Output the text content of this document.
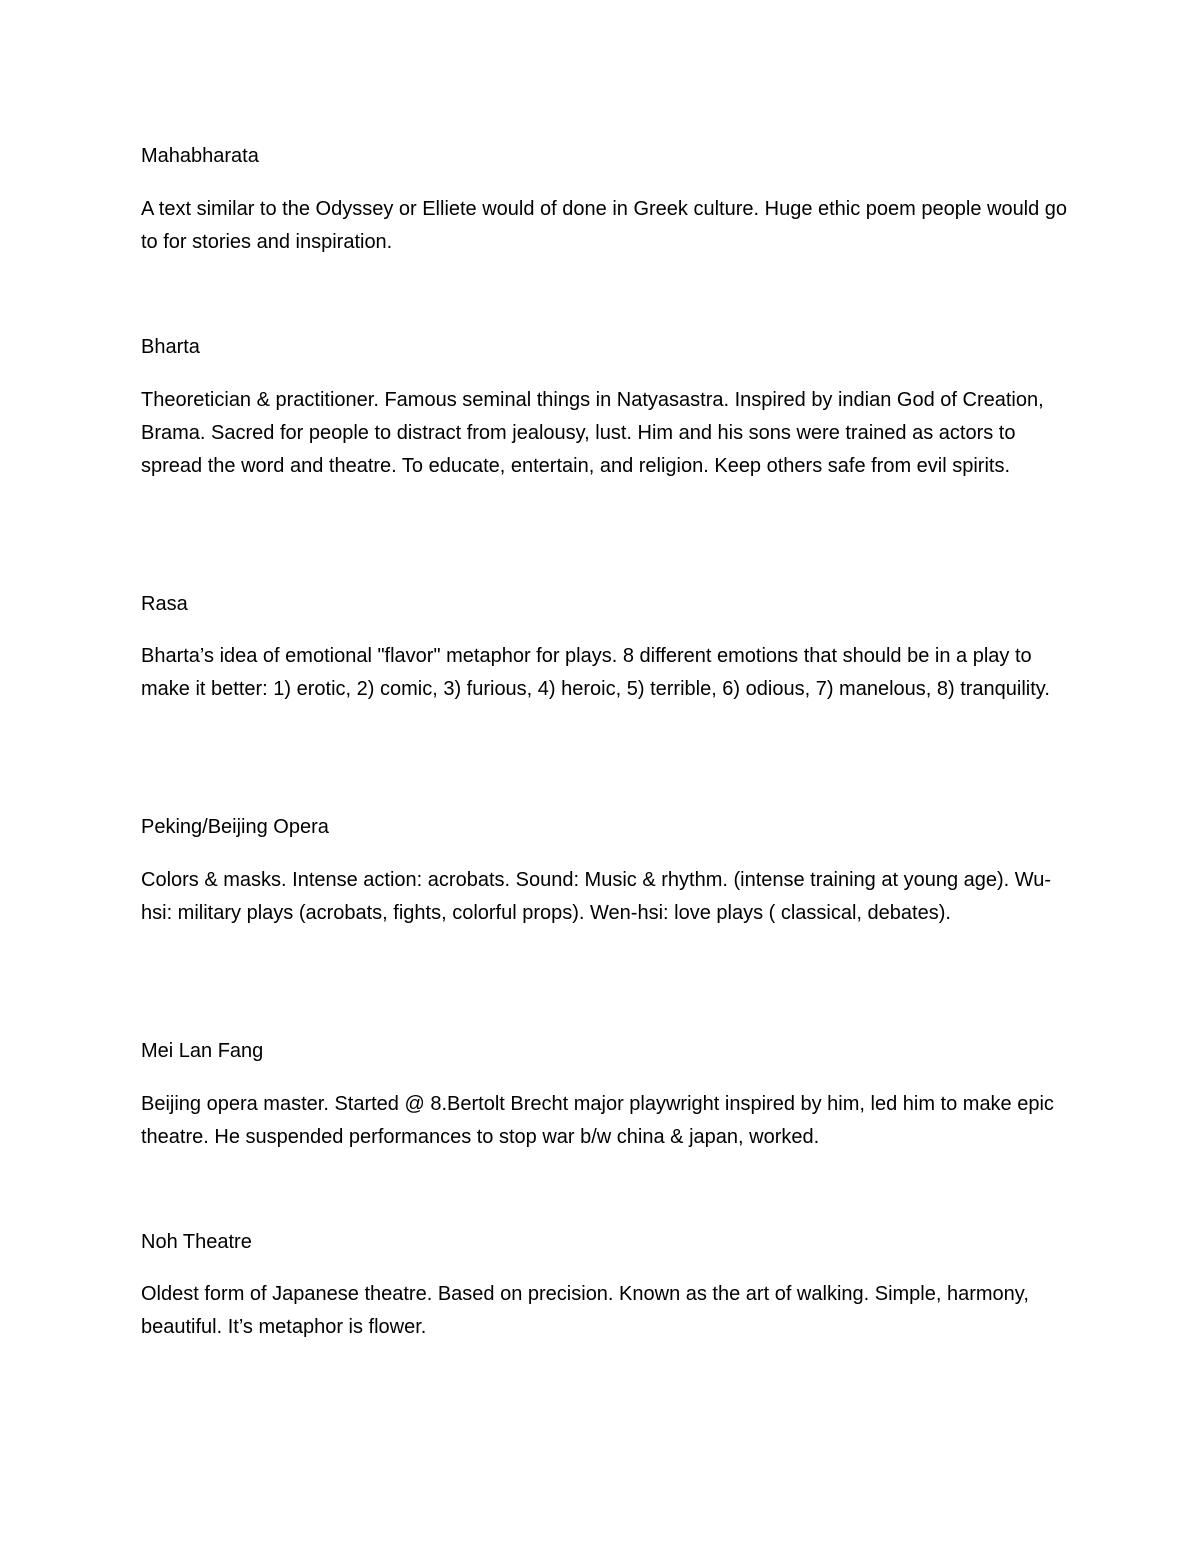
Mahabharata

A text similar to the Odyssey or Elliete would of done in Greek culture. Huge ethic poem people would go to for stories and inspiration.

Bharta

Theoretician & practitioner. Famous seminal things in Natyasastra. Inspired by indian God of Creation, Brama. Sacred for people to distract from jealousy, lust. Him and his sons were trained as actors to spread the word and theatre. To educate, entertain, and religion. Keep others safe from evil spirits.

Rasa

Bharta’s idea of emotional "flavor" metaphor for plays. 8 different emotions that should be in a play to make it better: 1) erotic, 2) comic, 3) furious, 4) heroic, 5) terrible, 6) odious, 7) manelous, 8) tranquility.

Peking/Beijing Opera

Colors & masks. Intense action: acrobats. Sound: Music & rhythm. (intense training at young age). Wu-hsi: military plays (acrobats, fights, colorful props). Wen-hsi: love plays ( classical, debates).

Mei Lan Fang

Beijing opera master. Started @ 8.Bertolt Brecht major playwright inspired by him, led him to make epic theatre. He suspended performances to stop war b/w china & japan, worked.

Noh Theatre

Oldest form of Japanese theatre. Based on precision. Known as the art of walking. Simple, harmony, beautiful. It’s metaphor is flower.
